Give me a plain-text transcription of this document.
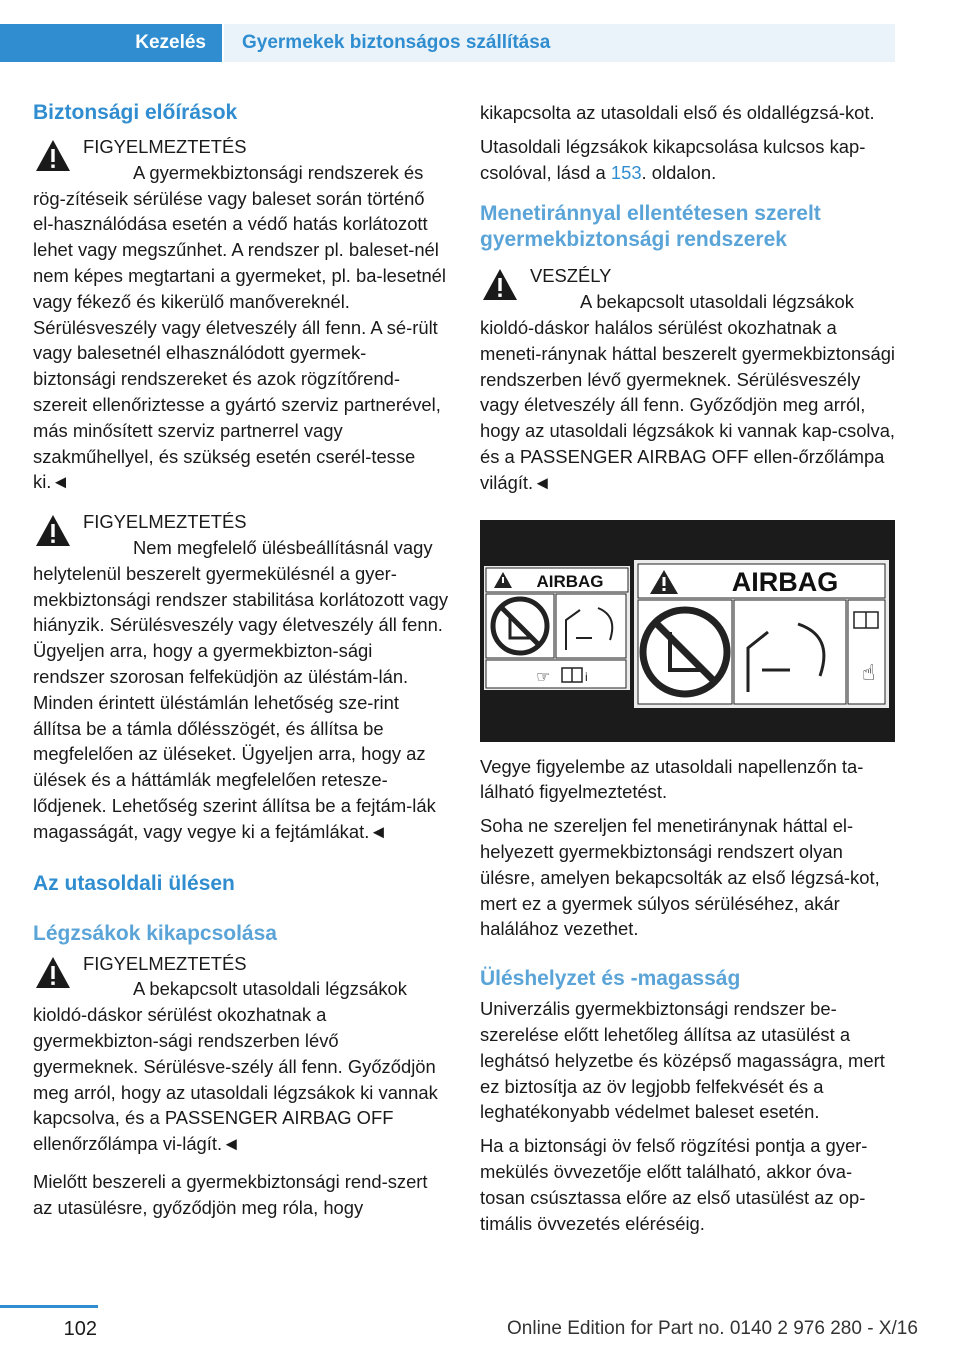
Kezelés	Gyermekek biztonságos szállítása
Biztonsági előírások
FIGYELMEZTETÉS
A gyermekbiztonsági rendszerek és rög-zítéseik sérülése vagy baleset során történő el-használódása esetén a védő hatás korlátozott lehet vagy megszűnhet. A rendszer pl. baleset-nél nem képes megtartani a gyermeket, pl. ba-lesetnél vagy fékező és kikerülő manővereknél. Sérülésveszély vagy életveszély áll fenn. A sé-rült vagy balesetnél elhasználódott gyermek-biztonsági rendszereket és azok rögzítőrend-szereit ellenőriztesse a gyártó szerviz partnerével, más minősített szerviz partnerrel vagy szakműhellyel, és szükség esetén cserél-tesse ki.◄
FIGYELMEZTETÉS
Nem megfelelő ülésbeállításnál vagy helytelenül beszerelt gyermekülésnél a gyer-mekbiztonsági rendszer stabilitása korlátozott vagy hiányzik. Sérülésveszély vagy életveszély áll fenn. Ügyeljen arra, hogy a gyermekbizton-sági rendszer szorosan felfeküdjön az üléstám-lán. Minden érintett üléstámlán lehetőség sze-rint állítsa be a támla dőlésszögét, és állítsa be megfelelően az üléseket. Ügyeljen arra, hogy az ülések és a háttámlák megfelelően retesze-lődjenek. Lehetőség szerint állítsa be a fejtám-lák magasságát, vagy vegye ki a fejtámlákat.◄
Az utasoldali ülésen
Légzsákok kikapcsolása
FIGYELMEZTETÉS
A bekapcsolt utasoldali légzsákok kioldó-dáskor sérülést okozhatnak a gyermekbizton-sági rendszerben lévő gyermeknek. Sérülésve-szély áll fenn. Győződjön meg arról, hogy az utasoldali légzsákok ki vannak kapcsolva, és a PASSENGER AIRBAG OFF ellenőrzőlámpa vi-lágít.◄

Mielőtt beszereli a gyermekbiztonsági rend-szert az utasülésre, győződjön meg róla, hogy

kikapcsolta az utasoldali első és oldallégzsá-kot.

Utasoldali légzsákok kikapcsolása kulcsos kap-csolóval, lásd a 153. oldalon.

Menetiránnyal ellentétesen szerelt gyermekbiztonsági rendszerek
VESZÉLY
A bekapcsolt utasoldali légzsákok kioldó-dáskor halálos sérülést okozhatnak a meneti-ránynak háttal beszerelt gyermekbiztonsági rendszerben lévő gyermeknek. Sérülésveszély vagy életveszély áll fenn. Győződjön meg arról, hogy az utasoldali légzsákok ki vannak kap-csolva, és a PASSENGER AIRBAG OFF ellen-őrzőlámpa világít.◄
AIRBAG
☞	i
AIRBAG
☝

Vegye figyelembe az utasoldali napellenzőn ta-lálható figyelmeztetést.

Soha ne szereljen fel menetiránynak háttal el-helyezett gyermekbiztonsági rendszert olyan ülésre, amelyen bekapcsolták az első légzsá-kot, mert ez a gyermek súlyos sérüléséhez, akár halálához vezethet.

Üléshelyzet és -magasság

Univerzális gyermekbiztonsági rendszer be-szerelése előtt lehetőleg állítsa az utasülést a leghátsó helyzetbe és középső magasságra, mert ez biztosítja az öv legjobb felfekvését és a leghatékonyabb védelmet baleset esetén.

Ha a biztonsági öv felső rögzítési pontja a gyer-mekülés övvezetője előtt található, akkor óva-tosan csúsztassa előre az első utasülést az op-timális övvezetés eléréséig.

102	Online Edition for Part no. 0140 2 976 280 - X/16
